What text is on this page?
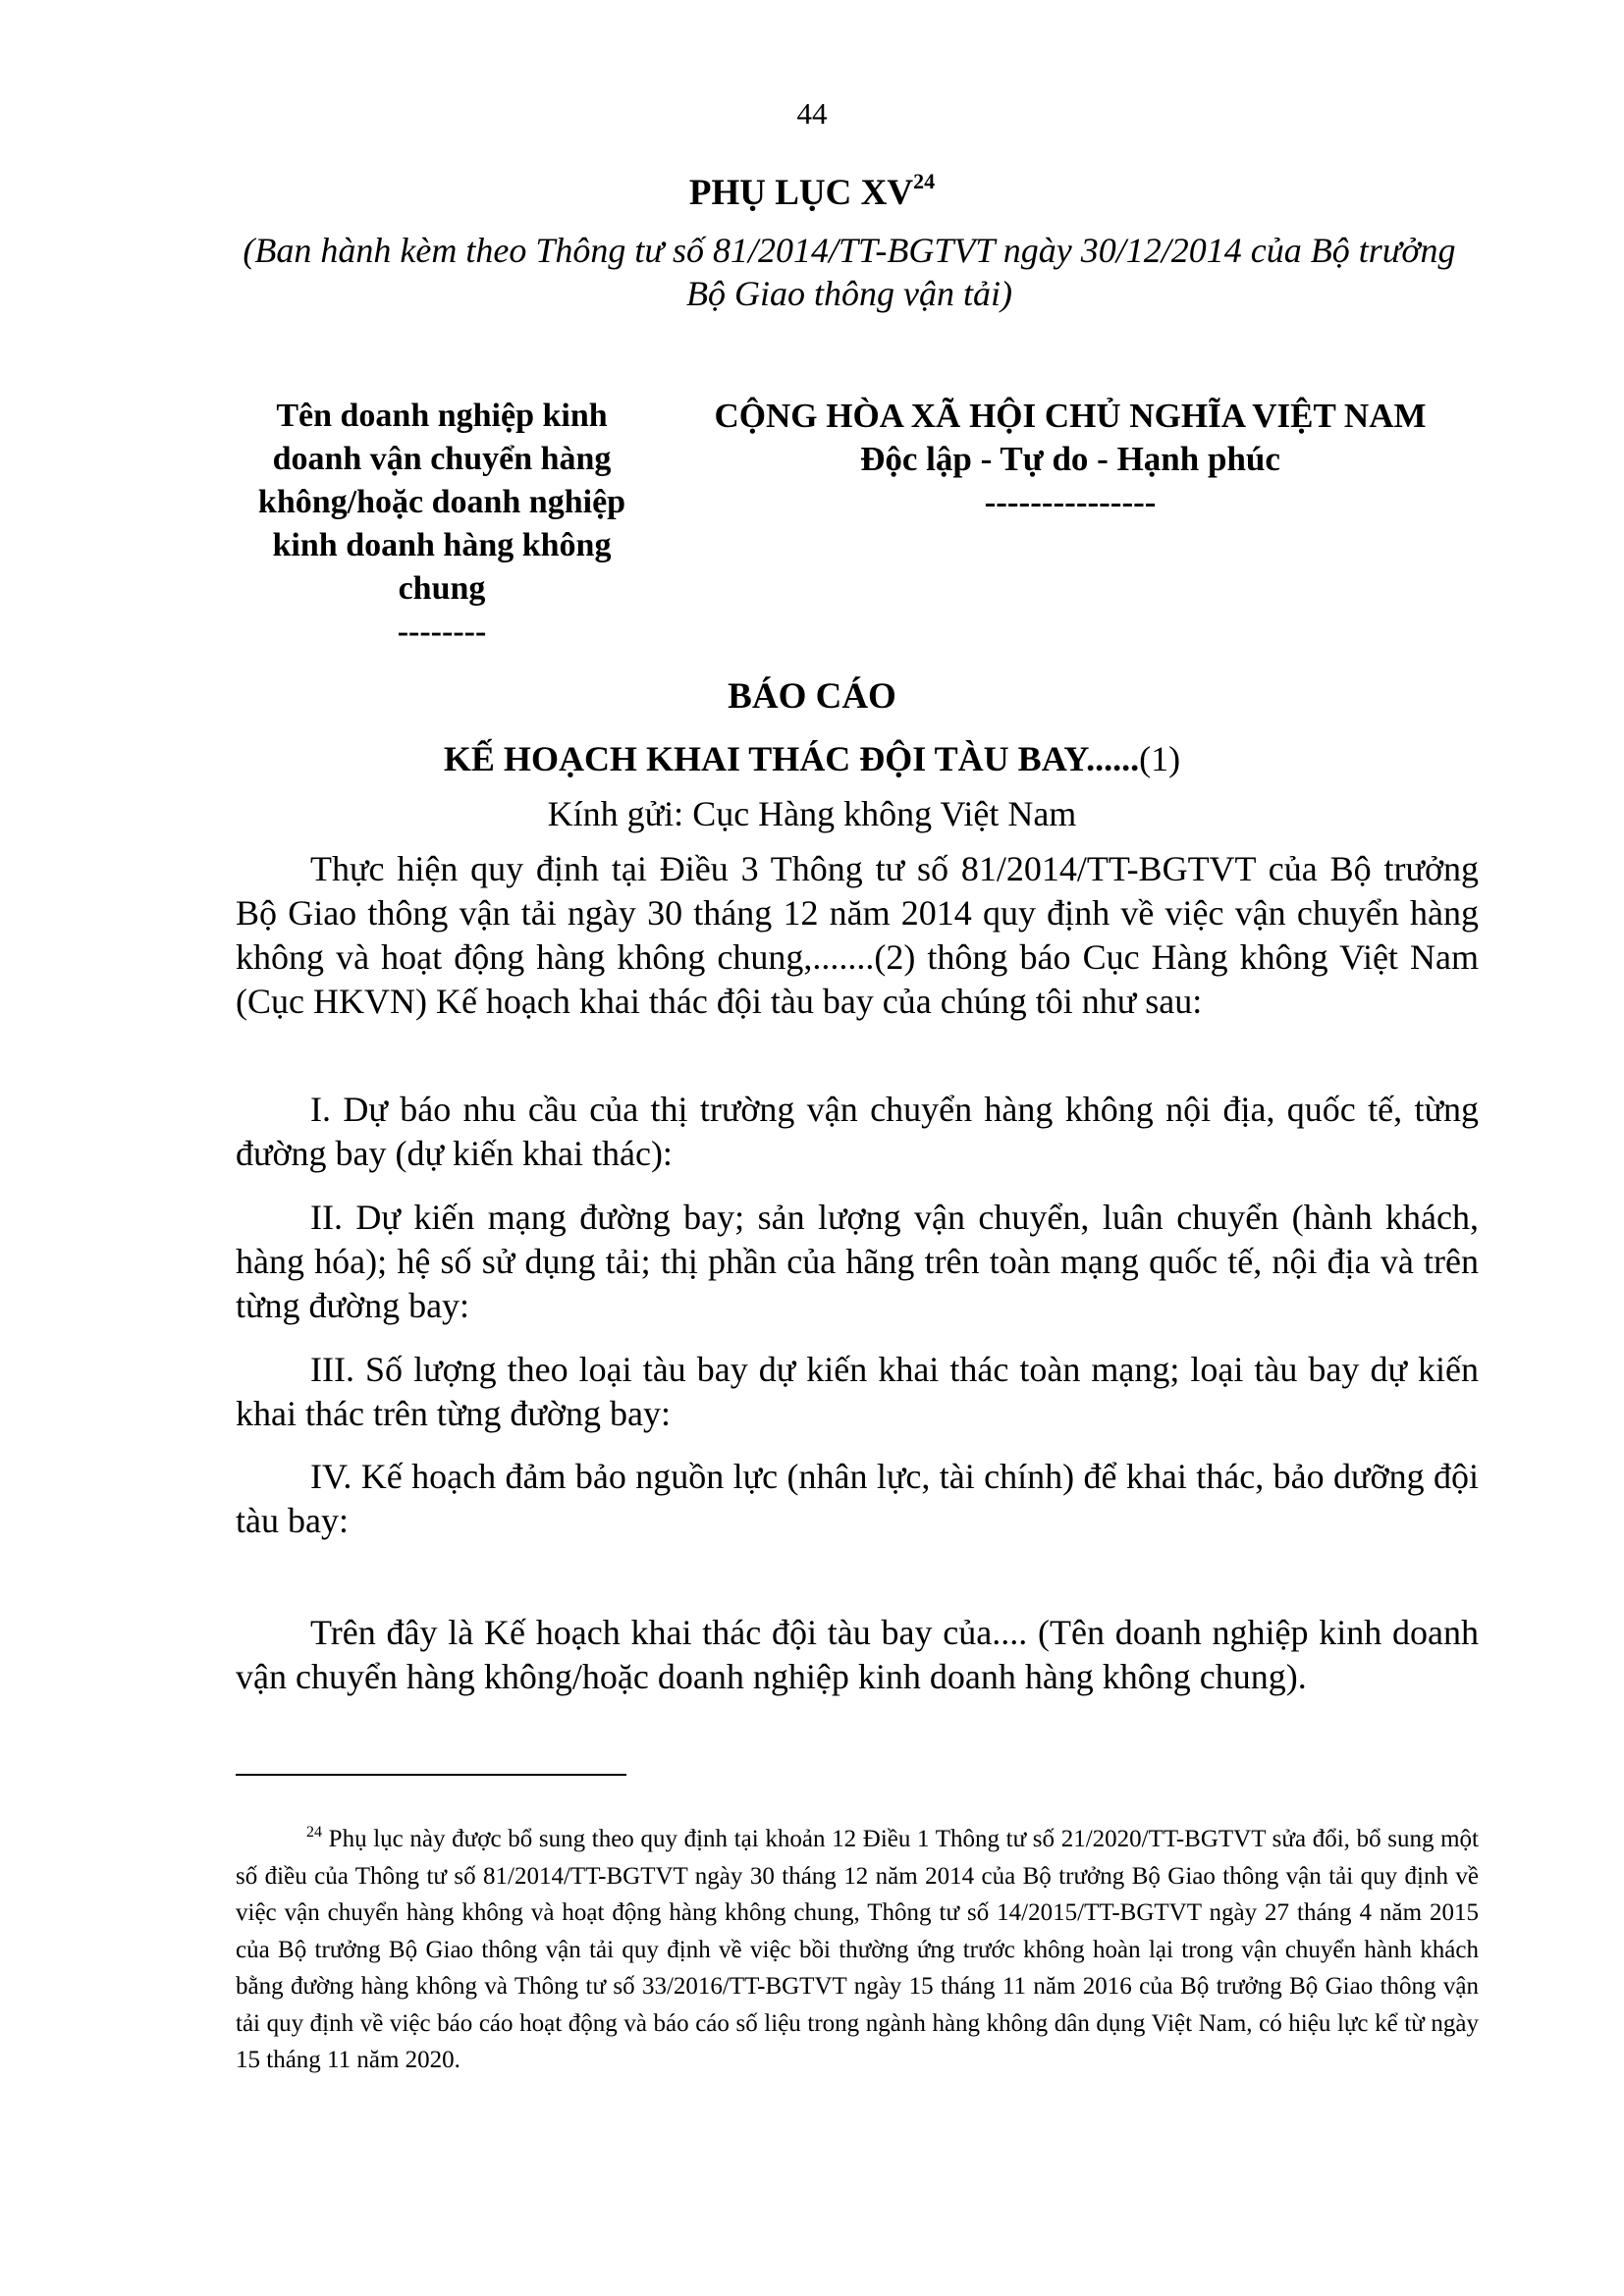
44
PHỤ LỤC XV$^{24}$
(Ban hành kèm theo Thông tư số 81/2014/TT-BGTVT ngày 30/12/2014 của Bộ trưởng Bộ Giao thông vận tải)
Tên doanh nghiệp kinh
doanh vận chuyển hàng
không/hoặc doanh nghiệp
kinh doanh hàng không
chung
--------
CỘNG HÒA XÃ HỘI CHỦ NGHĨA VIỆT NAM
Độc lập - Tự do - Hạnh phúc
---------------
BÁO CÁO
KẾ HOẠCH KHAI THÁC ĐỘI TÀU BAY......(1)
Kính gửi: Cục Hàng không Việt Nam

Thực hiện quy định tại Điều 3 Thông tư số 81/2014/TT-BGTVT của Bộ trưởng Bộ Giao thông vận tải ngày 30 tháng 12 năm 2014 quy định về việc vận chuyển hàng không và hoạt động hàng không chung,.......(2) thông báo Cục Hàng không Việt Nam (Cục HKVN) Kế hoạch khai thác đội tàu bay của chúng tôi như sau:

I. Dự báo nhu cầu của thị trường vận chuyển hàng không nội địa, quốc tế, từng đường bay (dự kiến khai thác):

II. Dự kiến mạng đường bay; sản lượng vận chuyển, luân chuyển (hành khách, hàng hóa); hệ số sử dụng tải; thị phần của hãng trên toàn mạng quốc tế, nội địa và trên từng đường bay:

III. Số lượng theo loại tàu bay dự kiến khai thác toàn mạng; loại tàu bay dự kiến khai thác trên từng đường bay:

IV. Kế hoạch đảm bảo nguồn lực (nhân lực, tài chính) để khai thác, bảo dưỡng đội tàu bay:

Trên đây là Kế hoạch khai thác đội tàu bay của.... (Tên doanh nghiệp kinh doanh vận chuyển hàng không/hoặc doanh nghiệp kinh doanh hàng không chung).

$^{24}$ Phụ lục này được bổ sung theo quy định tại khoản 12 Điều 1 Thông tư số 21/2020/TT-BGTVT sửa đổi, bổ sung một số điều của Thông tư số 81/2014/TT-BGTVT ngày 30 tháng 12 năm 2014 của Bộ trưởng Bộ Giao thông vận tải quy định về việc vận chuyển hàng không và hoạt động hàng không chung, Thông tư số 14/2015/TT-BGTVT ngày 27 tháng 4 năm 2015 của Bộ trưởng Bộ Giao thông vận tải quy định về việc bồi thường ứng trước không hoàn lại trong vận chuyển hành khách bằng đường hàng không và Thông tư số 33/2016/TT-BGTVT ngày 15 tháng 11 năm 2016 của Bộ trưởng Bộ Giao thông vận tải quy định về việc báo cáo hoạt động và báo cáo số liệu trong ngành hàng không dân dụng Việt Nam, có hiệu lực kể từ ngày 15 tháng 11 năm 2020.
